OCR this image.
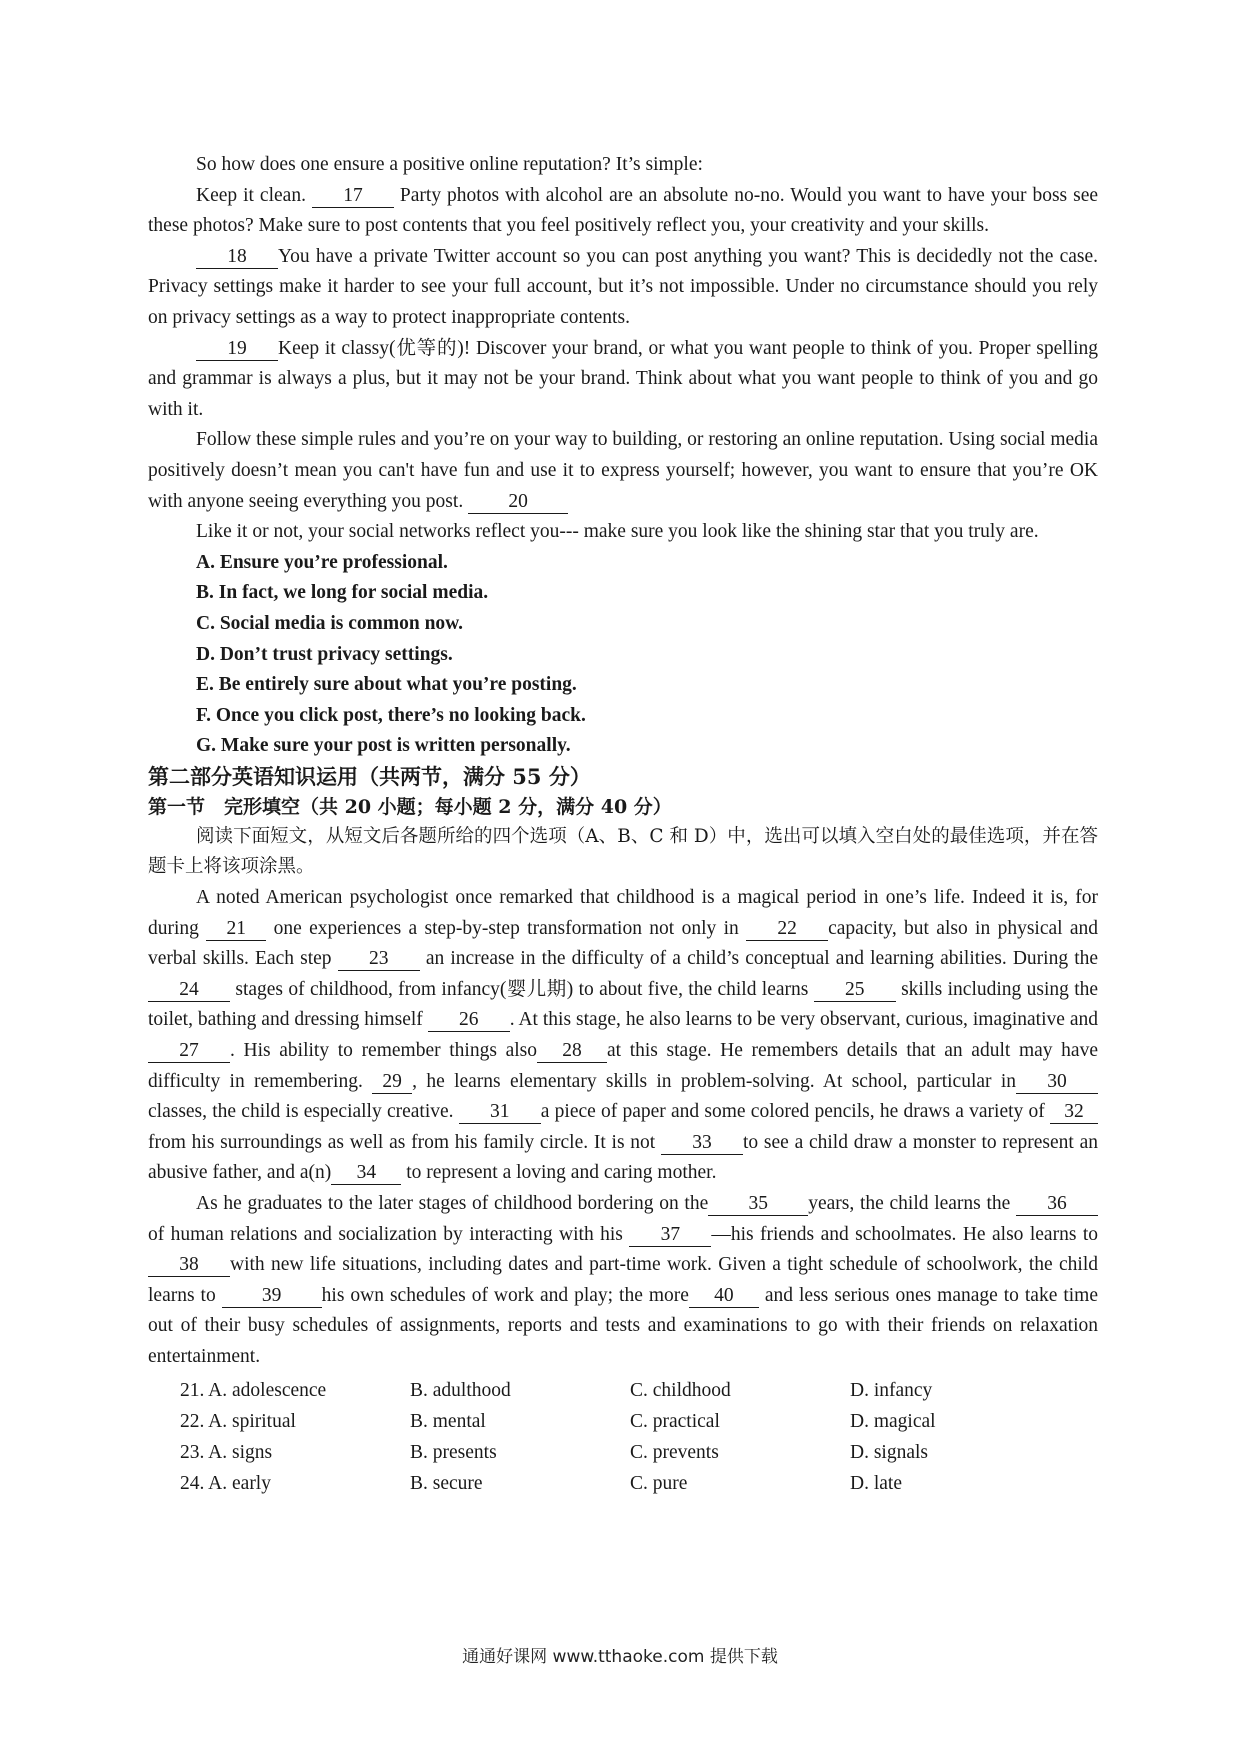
So how does one ensure a positive online reputation? It’s simple:

Keep it clean. 17 Party photos with alcohol are an absolute no-no. Would you want to have your boss see these photos? Make sure to post contents that you feel positively reflect you, your creativity and your skills.

18 You have a private Twitter account so you can post anything you want? This is decidedly not the case. Privacy settings make it harder to see your full account, but it’s not impossible. Under no circumstance should you rely on privacy settings as a way to protect inappropriate contents.

19 Keep it classy(优等的)! Discover your brand, or what you want people to think of you. Proper spelling and grammar is always a plus, but it may not be your brand. Think about what you want people to think of you and go with it.

Follow these simple rules and you’re on your way to building, or restoring an online reputation. Using social media positively doesn’t mean you can't have fun and use it to express yourself; however, you want to ensure that you’re OK with anyone seeing everything you post. 20

Like it or not, your social networks reflect you--- make sure you look like the shining star that you truly are.

A. Ensure you’re professional.
B. In fact, we long for social media.
C. Social media is common now.
D. Don’t trust privacy settings.
E. Be entirely sure about what you’re posting.
F. Once you click post, there’s no looking back.
G. Make sure your post is written personally.
第二部分英语知识运用（共两节，满分 55 分）
第一节　完形填空（共 20 小题；每小题 2 分，满分 40 分）

阅读下面短文，从短文后各题所给的四个选项（A、B、C 和 D）中，选出可以填入空白处的最佳选项，并在答题卡上将该项涂黑。

A noted American psychologist once remarked that childhood is a magical period in one’s life. Indeed it is, for during 21 one experiences a step-by-step transformation not only in 22 capacity, but also in physical and verbal skills. Each step 23 an increase in the difficulty of a child’s conceptual and learning abilities. During the 24 stages of childhood, from infancy(婴儿期) to about five, the child learns 25 skills including using the toilet, bathing and dressing himself 26 . At this stage, he also learns to be very observant, curious, imaginative and 27 . His ability to remember things also 28 at this stage. He remembers details that an adult may have difficulty in remembering. 29 , he learns elementary skills in problem-solving. At school, particular in 30classes, the child is especially creative. 31 a piece of paper and some colored pencils, he draws a variety of 32 from his surroundings as well as from his family circle. It is not 33 to see a child draw a monster to represent an abusive father, and a(n) 34 to represent a loving and caring mother.

As he graduates to the later stages of childhood bordering on the 35 years, the child learns the 36of human relations and socialization by interacting with his 37 —his friends and schoolmates. He also learns to38 with new life situations, including dates and part-time work. Given a tight schedule of schoolwork, the child learns to 39 his own schedules of work and play; the more 40 and less serious ones manage to take time out of their busy schedules of assignments, reports and tests and examinations to go with their friends on relaxation entertainment.

21. A. adolescence	B. adulthood	C. childhood	D. infancy
22. A. spiritual	B. mental	C. practical	D. magical
23. A. signs	B. presents	C. prevents	D. signals
24. A. early	B. secure	C. pure	D. late
通通好课网 www.tthaoke.com 提供下载
